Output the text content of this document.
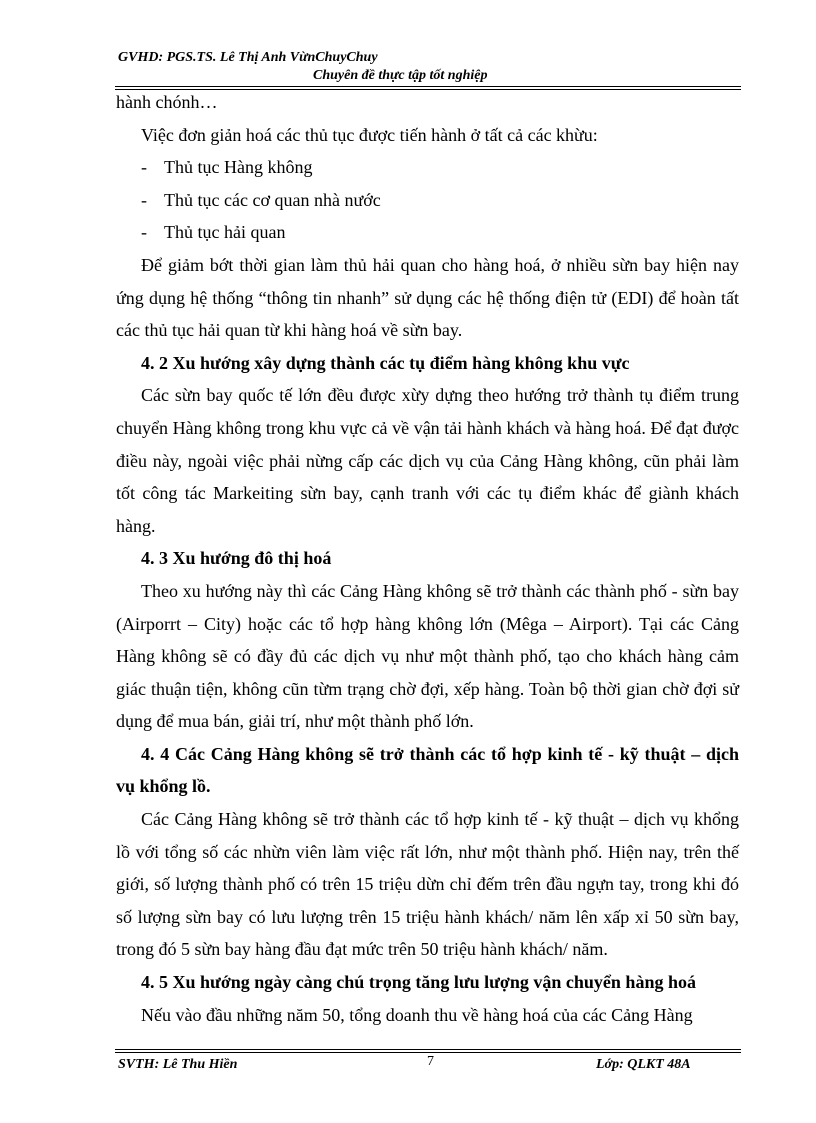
GVHD: PGS.TS. Lê Thị Anh VừnChuyChuy
Chuyên đề thực tập tốt nghiệp

hành chónh…

Việc đơn giản hoá các thủ tục được tiến hành ở tất cả các khừu:

- Thủ tục Hàng không
- Thủ tục các cơ quan nhà nước
- Thủ tục hải quan

Để giảm bớt thời gian làm thủ hải quan cho hàng hoá, ở nhiều sừn bay hiện nay ứng dụng hệ thống “thông tin nhanh” sử dụng các hệ thống điện tử (EDI) để hoàn tất các thủ tục hải quan từ khi hàng hoá về sừn bay.

4. 2 Xu hướng xây dựng thành các tụ điểm hàng không khu vực

Các sừn bay quốc tế lớn đều được xừy dựng theo hướng trở thành tụ điểm trung chuyển Hàng không trong khu vực cả về vận tải hành khách và hàng hoá. Để đạt được điều này, ngoài việc phải nừng cấp các dịch vụ của Cảng Hàng không, cũn phải làm tốt công tác Markeiting sừn bay, cạnh tranh với các tụ điểm khác để giành khách hàng.

4. 3 Xu hướng đô thị hoá

Theo xu hướng này thì các Cảng Hàng không sẽ trở thành các thành phố - sừn bay (Airporrt – City) hoặc các tổ hợp hàng không lớn (Mêga – Airport). Tại các Cảng Hàng không sẽ có đầy đủ các dịch vụ như một thành phố, tạo cho khách hàng cảm giác thuận tiện, không cũn từm trạng chờ đợi, xếp hàng. Toàn bộ thời gian chờ đợi sử dụng để mua bán, giải trí, như một thành phố lớn.

4. 4 Các Cảng Hàng không sẽ trở thành các tổ hợp kinh tế - kỹ thuật – dịch vụ khổng lồ.

Các Cảng Hàng không sẽ trở thành các tổ hợp kinh tế - kỹ thuật – dịch vụ khổng lồ với tổng số các nhừn viên làm việc rất lớn, như một thành phố. Hiện nay, trên thế giới, số lượng thành phố có trên 15 triệu dừn chỉ đếm trên đầu ngựn tay, trong khi đó số lượng sừn bay có lưu lượng trên 15 triệu hành khách/ năm lên xấp xỉ 50 sừn bay, trong đó 5 sừn bay hàng đầu đạt mức trên 50 triệu hành khách/ năm.

4. 5 Xu hướng ngày càng chú trọng tăng lưu lượng vận chuyển hàng hoá

Nếu vào đầu những năm 50, tổng doanh thu về hàng hoá của các Cảng Hàng

SVTH: Lê Thu Hiền	7	Lớp: QLKT 48A
